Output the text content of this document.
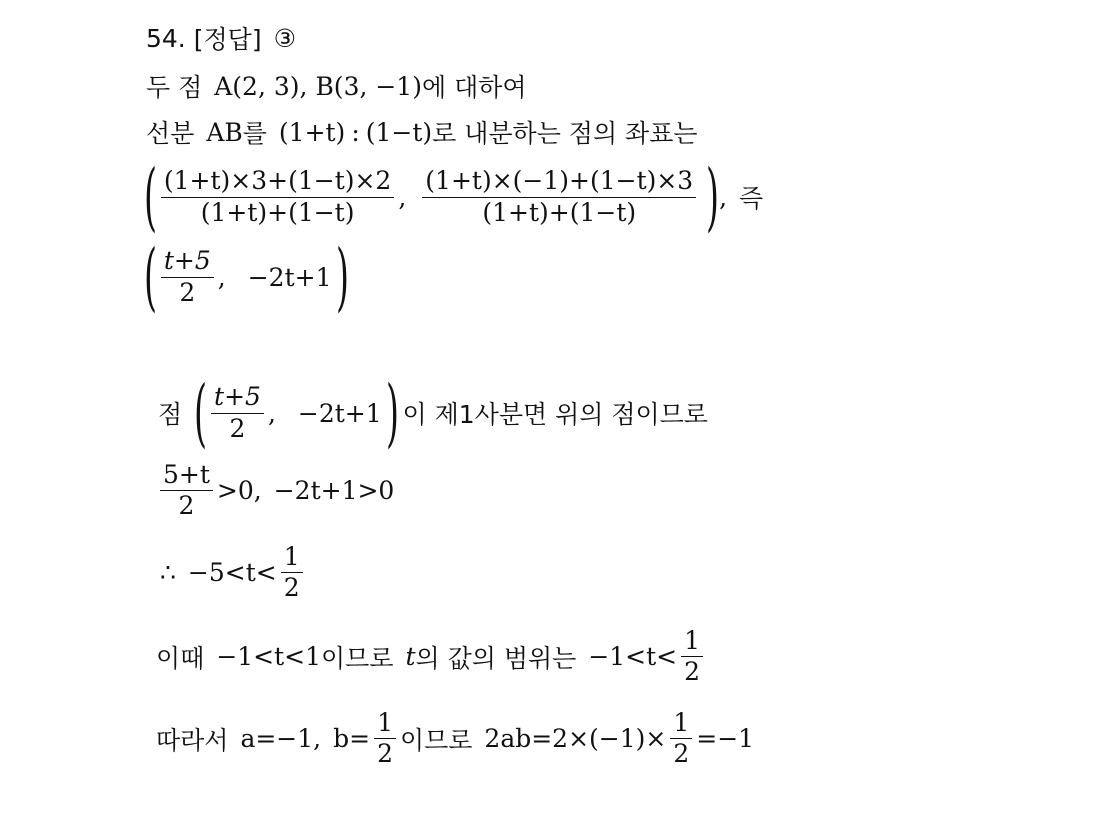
54. [정답] ③
두 점 A(2, 3) , B(3, −1) 에 대하여
선분 AB 를 (1+t) : (1−t) 로 내분하는 점의 좌표는
( $\frac{(1+t)\times 3+(1-t)\times 2}{(1+t)+(1-t)}$ , $\frac{(1+t)\times(-1)+(1-t)\times 3}{(1+t)+(1-t)}$ ) , 즉
( $\frac{t+5}{2}$ , −2t+1 )
점 ( $\frac{t+5}{2}$ , −2t+1 ) 이 제1사분면 위의 점이므로
$\frac{5+t}{2} >0$, −2t+1>0
∴ $-5<t< \frac{1}{2}$
이때 −1<t<1 이므로 t 의 값의 범위는 $-1<t< \frac{1}{2}$
따라서 a=−1, $b= \frac{1}{2}$ 이므로 $2ab=2\times(-1)\times \frac{1}{2} =-1$
